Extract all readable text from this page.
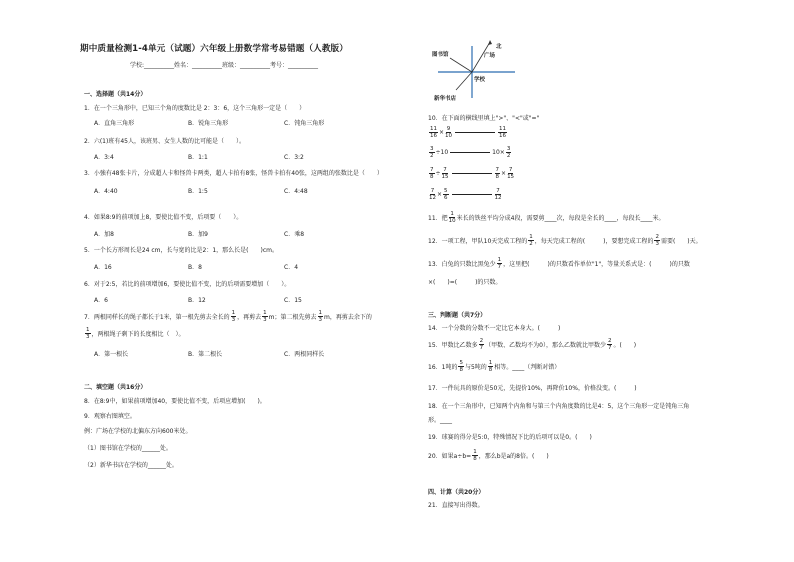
期中质量检测1-4单元（试题）六年级上册数学常考易错题（人教版）
学校:__________姓名：__________班级：__________考号：__________
图书馆
北
广场
学校
新华书店
一、选择题（共14分）
1．在一个三角形中，已知三个角的度数比是 2：3：6，这个三角形一定是（　　）
A．直角三角形	B．锐角三角形	C．钝角三角形
2．六(1)班有45人，该班男、女生人数的比可能是（　　）。
A．3:4	B．1:1	C．3:2
3．小強有48张卡片，分成超人卡和怪兽卡两类，超人卡拍有8张，怪兽卡拍有40张，这两组的张数比是（　　）
A．4:40	B．1:5	C．4:48
4．如果8:9的前项加上8，要使比值不变，后项要（　　）。
A．加8	B．加9	C．乘8
5．一个长方形周长是24 cm，长与宽的比是2：1，那么长是(　　)cm。
A．16	B．8	C．4
6．对于2:5，若比的前项增加6，要使比值不变，比的后项需要增加（　　）。
A．6	B．12	C．15
7．两根同样长的绳子都长于1米，第一根先剪去全长的 $\frac{1}{3}$ ，再剪去 $\frac{1}{3}$ m；第二根先剪去 $\frac{1}{3}$ m，再剪去余下的
$\frac{1}{3}$ ，两根绳子剩下的长度相比（　）。
A．第一根长	B．第二根长	C．两根同样长
二、填空题（共16分）
8．在8:9中，如果前项增加40，要使比值不变，后项应增加(　　)。
9．观察右图填空。
例：广场在学校的北偏东方向600米处。
（1）图书馆在学校的______处。
（2）新华书店在学校的______处。
10．在下面的横线里填上">"、"<"或"="
$\frac{11}{16} \times \frac{9}{10}$	$\frac{11}{16}$
$\frac{3}{2} \div 10$	$10\times \frac{3}{2}$
$\frac{7}{8} \div \frac{7}{15}$	$\frac{7}{8} \times \frac{7}{15}$
$\frac{7}{12} \times \frac{5}{6}$	$\frac{7}{12}$
11．把 $\frac{1}{10}$ 米长的铁丝平均分成4段，需要剪____次，每段是全长的____，每段长____米。
12．一项工程，甲队10天完成工程的 $\frac{1}{2}$ ，每天完成工程的(　　　)，要想完成工程的 $\frac{2}{3}$ 需要(　　)天。
13．白兔的只数比黑兔少 $\frac{1}{7}$ ，这里把(　　　)的只数看作单位"1"，等量关系式是：(　　　)的只数
×(　　)=(　　　)的只数。
三、判断题（共7分）
14．一个分数的分数不一定比它本身大。(　　　)
15．甲数比乙数多 $\frac{2}{7}$ （甲数、乙数均不为0），那么乙数就比甲数少 $\frac{2}{7}$ 。(　　)
16．1吨的 $\frac{5}{8}$ 与5吨的 $\frac{1}{8}$ 相等。____（判断对错）
17．一件玩具的原价是50元，先提价10%，再降价10%，价格没变。(　　　)
18．在一个三角形中，已知两个内角和与第三个内角度数的比是4：5，这个三角形一定是钝角三角
形。____
19．球赛的得分是5:0，特殊情况下比的后项可以是0。(　　)
20．如果$a\div b= \frac{1}{8}$ ，那么b是a的8倍。(　　)
四、计算（共20分）
21．直接写出得数。
